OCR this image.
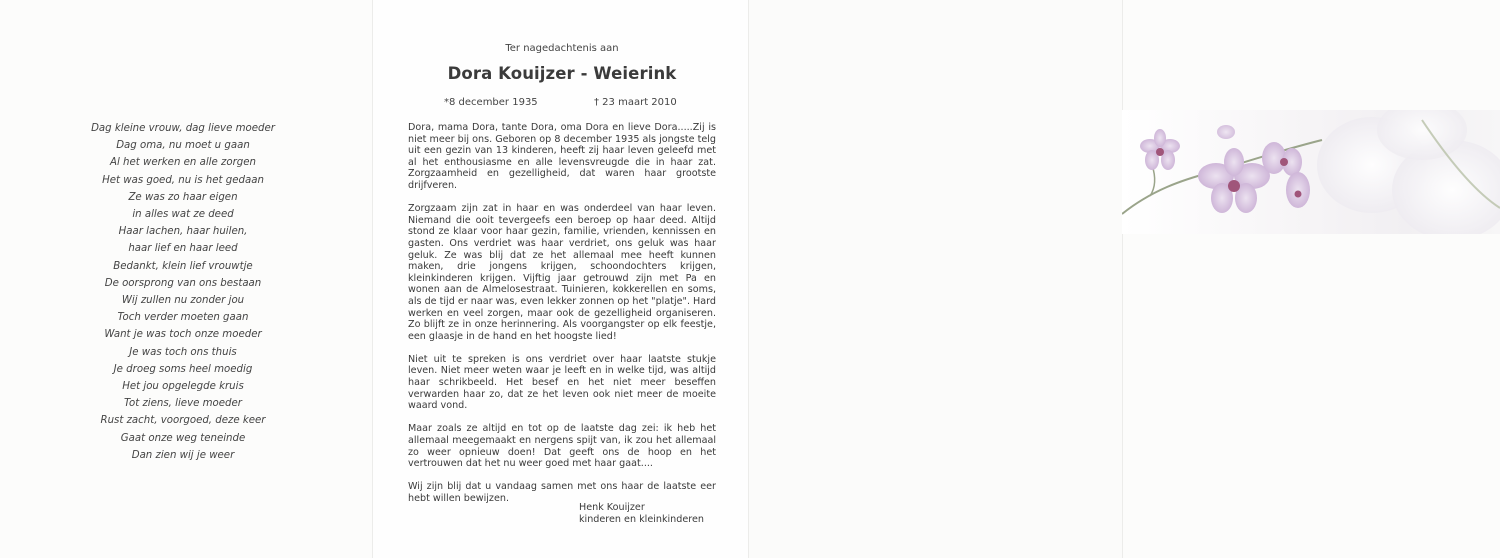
Dag kleine vrouw, dag lieve moeder
Dag oma, nu moet u gaan
Al het werken en alle zorgen
Het was goed, nu is het gedaan
Ze was zo haar eigen
in alles wat ze deed
Haar lachen, haar huilen,
haar lief en haar leed
Bedankt, klein lief vrouwtje
De oorsprong van ons bestaan
Wij zullen nu zonder jou
Toch verder moeten gaan
Want je was toch onze moeder
Je was toch ons thuis
Je droeg soms heel moedig
Het jou opgelegde kruis
Tot ziens, lieve moeder
Rust zacht, voorgoed, deze keer
Gaat onze weg teneinde
Dan zien wij je weer
Ter nagedachtenis aan
Dora Kouijzer - Weierink
*8 december 1935	† 23 maart 2010

Dora, mama Dora, tante Dora, oma Dora en lieve Dora.....Zij is niet meer bij ons. Geboren op 8 december 1935 als jongste telg uit een gezin van 13 kinderen, heeft zij haar leven geleefd met al het enthousiasme en alle levensvreugde die in haar zat. Zorgzaamheid en gezelligheid, dat waren haar grootste drijfveren.

Zorgzaam zijn zat in haar en was onderdeel van haar leven. Niemand die ooit tevergeefs een beroep op haar deed. Altijd stond ze klaar voor haar gezin, familie, vrienden, kennissen en gasten. Ons verdriet was haar verdriet, ons geluk was haar geluk. Ze was blij dat ze het allemaal mee heeft kunnen maken, drie jongens krijgen, schoondochters krijgen, kleinkinderen krijgen. Vijftig jaar getrouwd zijn met Pa en wonen aan de Almelosestraat. Tuinieren, kokkerellen en soms, als de tijd er naar was, even lekker zonnen op het "platje". Hard werken en veel zorgen, maar ook de gezelligheid organiseren. Zo blijft ze in onze herinnering. Als voorgangster op elk feestje, een glaasje in de hand en het hoogste lied!

Niet uit te spreken is ons verdriet over haar laatste stukje leven. Niet meer weten waar je leeft en in welke tijd, was altijd haar schrikbeeld. Het besef en het niet meer beseffen verwarden haar zo, dat ze het leven ook niet meer de moeite waard vond.

Maar zoals ze altijd en tot op de laatste dag zei: ik heb het allemaal meegemaakt en nergens spijt van, ik zou het allemaal zo weer opnieuw doen! Dat geeft ons de hoop en het vertrouwen dat het nu weer goed met haar gaat....

Wij zijn blij dat u vandaag samen met ons haar de laatste eer hebt willen bewijzen.

Henk Kouijzer
kinderen en kleinkinderen
